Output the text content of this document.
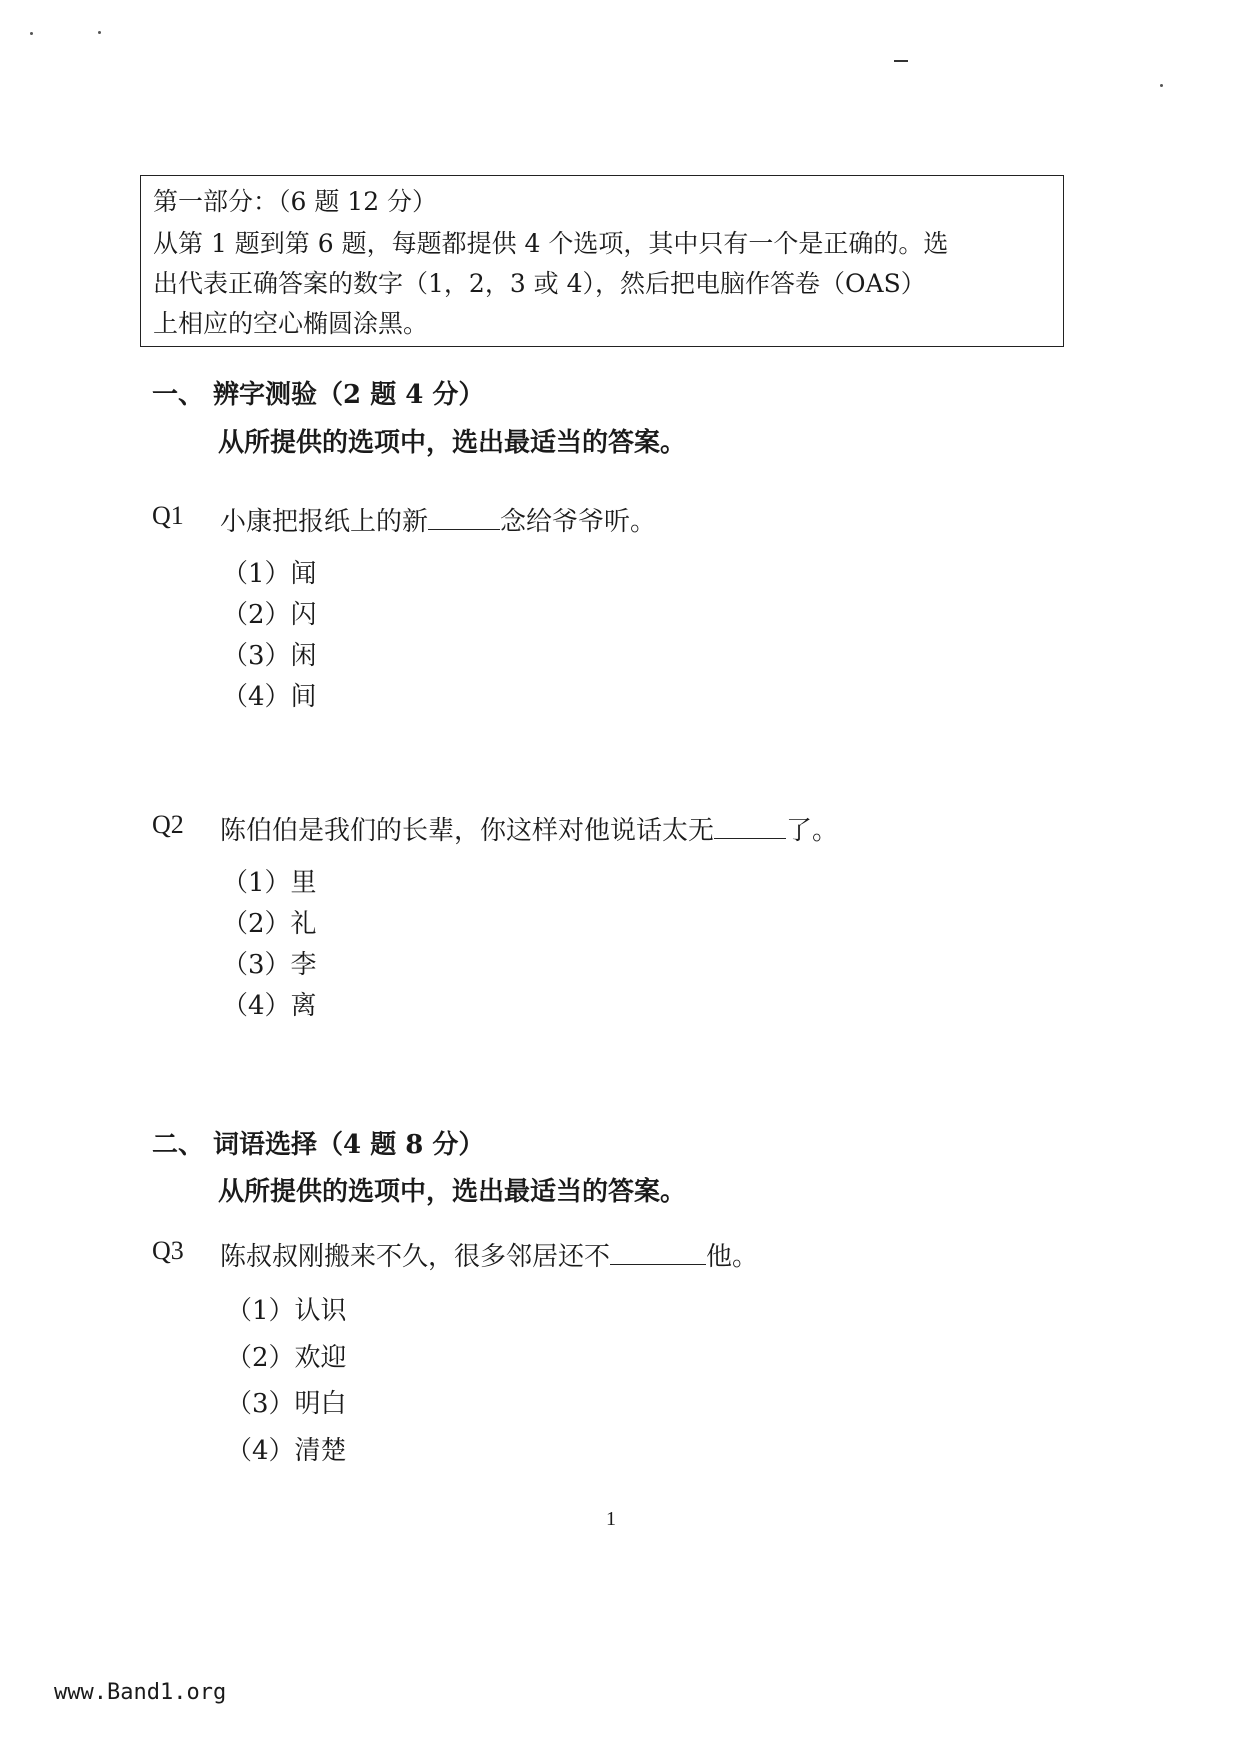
第一部分：（6 题 12 分）
从第 1 题到第 6 题，每题都提供 4 个选项，其中只有一个是正确的。选
出代表正确答案的数字（1，2，3 或 4），然后把电脑作答卷（OAS）
上相应的空心椭圆涂黑。
一、 辨字测验（2 题 4 分）
从所提供的选项中，选出最适当的答案。
Q1 小康把报纸上的新	念给爷爷听。
（1）闻
（2）闪
（3）闲
（4）间
Q2 陈伯伯是我们的长辈，你这样对他说话太无	了。
（1）里
（2）礼
（3）李
（4）离
二、 词语选择（4 题 8 分）
从所提供的选项中，选出最适当的答案。
Q3 陈叔叔刚搬来不久，很多邻居还不	他。
（1）认识
（2）欢迎
（3）明白
（4）清楚
1
www.Band1.org
